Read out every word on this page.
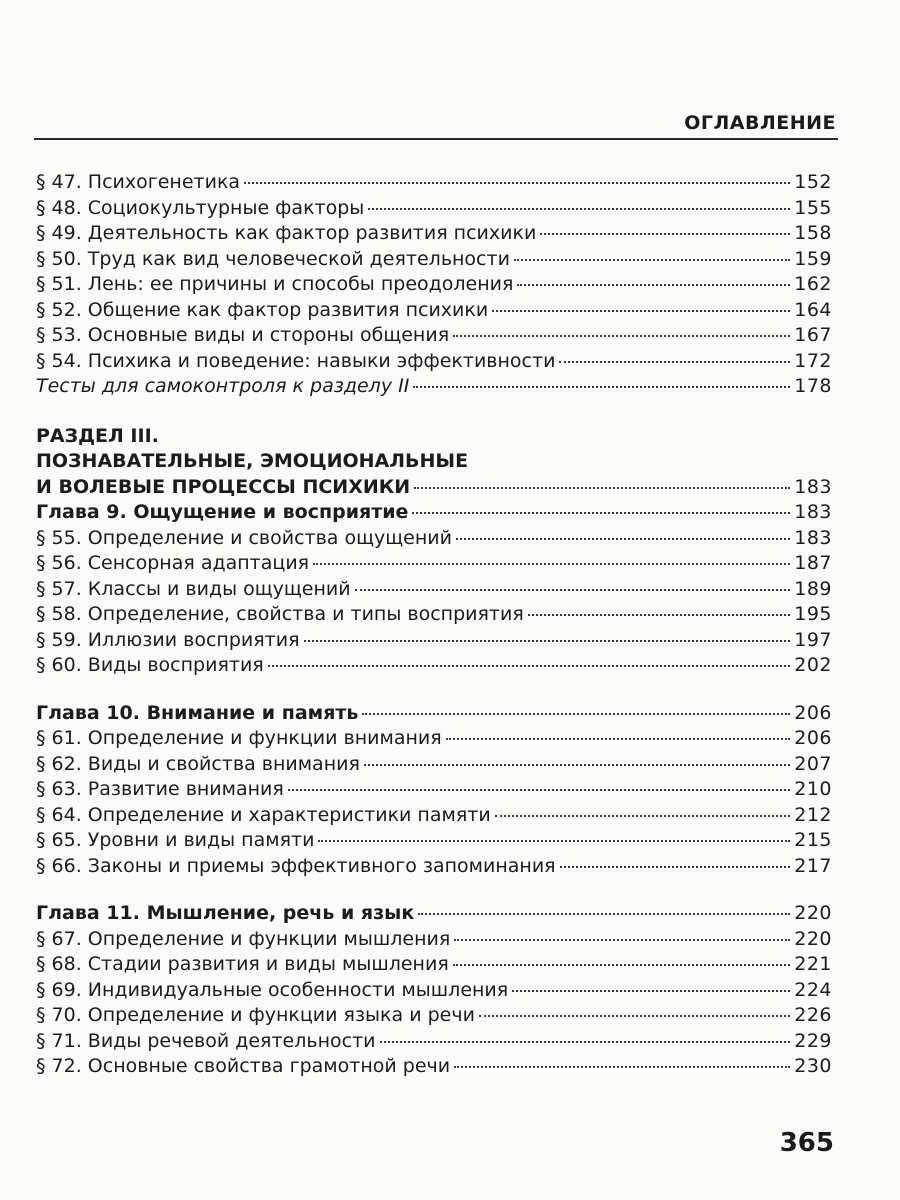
ОГЛАВЛЕНИЕ
§ 47. Психогенетика	152
§ 48. Социокультурные факторы	155
§ 49. Деятельность как фактор развития психики	158
§ 50. Труд как вид человеческой деятельности	159
§ 51. Лень: ее причины и способы преодоления	162
§ 52. Общение как фактор развития психики	164
§ 53. Основные виды и стороны общения	167
§ 54. Психика и поведение: навыки эффективности	172
Тесты для самоконтроля к разделу II	178
РАЗДЕЛ III.
ПОЗНАВАТЕЛЬНЫЕ, ЭМОЦИОНАЛЬНЫЕ
И ВОЛЕВЫЕ ПРОЦЕССЫ ПСИХИКИ	183
Глава 9. Ощущение и восприятие	183
§ 55. Определение и свойства ощущений	183
§ 56. Сенсорная адаптация	187
§ 57. Классы и виды ощущений	189
§ 58. Определение, свойства и типы восприятия	195
§ 59. Иллюзии восприятия	197
§ 60. Виды восприятия	202
Глава 10. Внимание и память	206
§ 61. Определение и функции внимания	206
§ 62. Виды и свойства внимания	207
§ 63. Развитие внимания	210
§ 64. Определение и характеристики памяти	212
§ 65. Уровни и виды памяти	215
§ 66. Законы и приемы эффективного запоминания	217
Глава 11. Мышление, речь и язык	220
§ 67. Определение и функции мышления	220
§ 68. Стадии развития и виды мышления	221
§ 69. Индивидуальные особенности мышления	224
§ 70. Определение и функции языка и речи	226
§ 71. Виды речевой деятельности	229
§ 72. Основные свойства грамотной речи	230
365
